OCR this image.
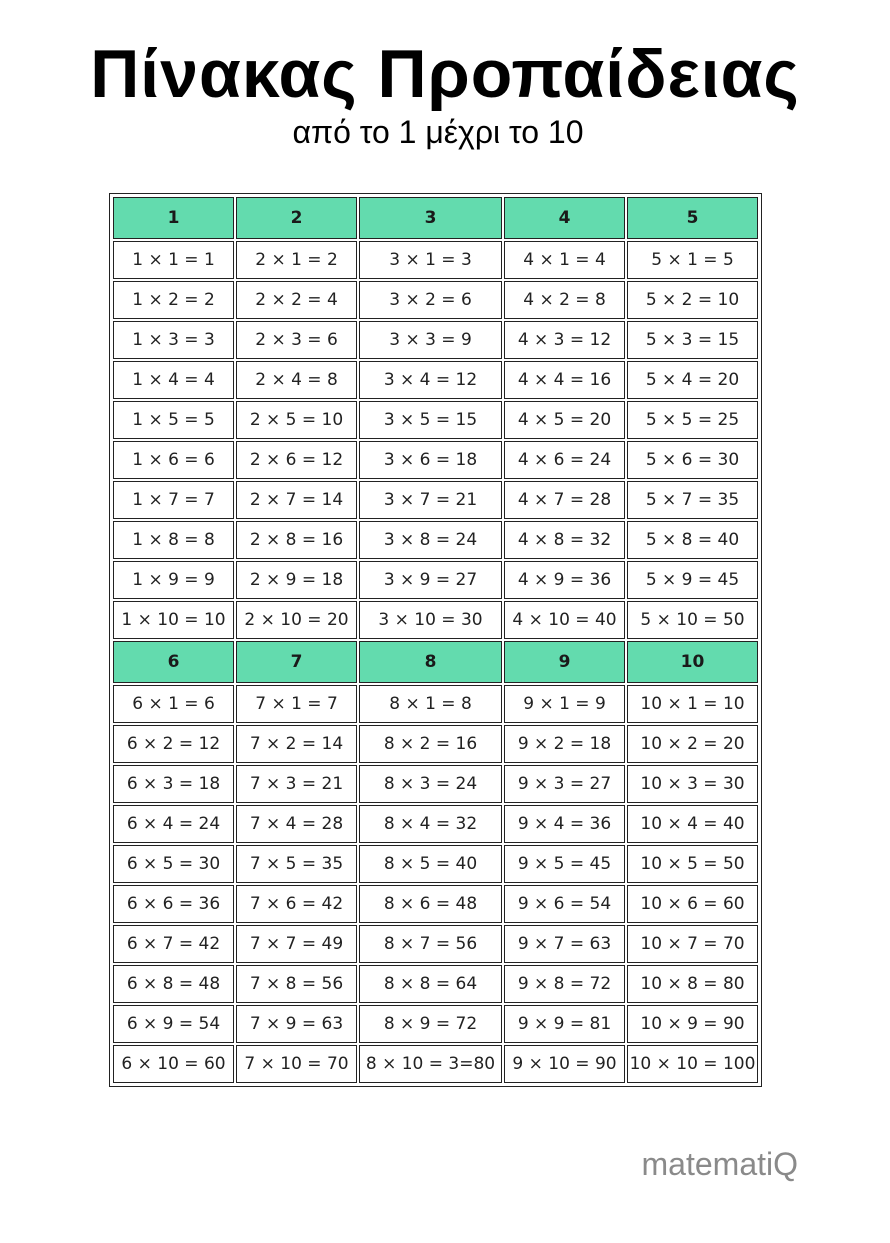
Πίνακας Προπαίδειας
από το 1 μέχρι το 10
1	2	3	4	5
1 × 1 = 1	2 × 1 = 2	3 × 1 = 3	4 × 1 = 4	5 × 1 = 5
1 × 2 = 2	2 × 2 = 4	3 × 2 = 6	4 × 2 = 8	5 × 2 = 10
1 × 3 = 3	2 × 3 = 6	3 × 3 = 9	4 × 3 = 12	5 × 3 = 15
1 × 4 = 4	2 × 4 = 8	3 × 4 = 12	4 × 4 = 16	5 × 4 = 20
1 × 5 = 5	2 × 5 = 10	3 × 5 = 15	4 × 5 = 20	5 × 5 = 25
1 × 6 = 6	2 × 6 = 12	3 × 6 = 18	4 × 6 = 24	5 × 6 = 30
1 × 7 = 7	2 × 7 = 14	3 × 7 = 21	4 × 7 = 28	5 × 7 = 35
1 × 8 = 8	2 × 8 = 16	3 × 8 = 24	4 × 8 = 32	5 × 8 = 40
1 × 9 = 9	2 × 9 = 18	3 × 9 = 27	4 × 9 = 36	5 × 9 = 45
1 × 10 = 10	2 × 10 = 20	3 × 10 = 30	4 × 10 = 40	5 × 10 = 50
6	7	8	9	10
6 × 1 = 6	7 × 1 = 7	8 × 1 = 8	9 × 1 = 9	10 × 1 = 10
6 × 2 = 12	7 × 2 = 14	8 × 2 = 16	9 × 2 = 18	10 × 2 = 20
6 × 3 = 18	7 × 3 = 21	8 × 3 = 24	9 × 3 = 27	10 × 3 = 30
6 × 4 = 24	7 × 4 = 28	8 × 4 = 32	9 × 4 = 36	10 × 4 = 40
6 × 5 = 30	7 × 5 = 35	8 × 5 = 40	9 × 5 = 45	10 × 5 = 50
6 × 6 = 36	7 × 6 = 42	8 × 6 = 48	9 × 6 = 54	10 × 6 = 60
6 × 7 = 42	7 × 7 = 49	8 × 7 = 56	9 × 7 = 63	10 × 7 = 70
6 × 8 = 48	7 × 8 = 56	8 × 8 = 64	9 × 8 = 72	10 × 8 = 80
6 × 9 = 54	7 × 9 = 63	8 × 9 = 72	9 × 9 = 81	10 × 9 = 90
6 × 10 = 60	7 × 10 = 70	8 × 10 = 3=80	9 × 10 = 90	10 × 10 = 100
matematiQ
